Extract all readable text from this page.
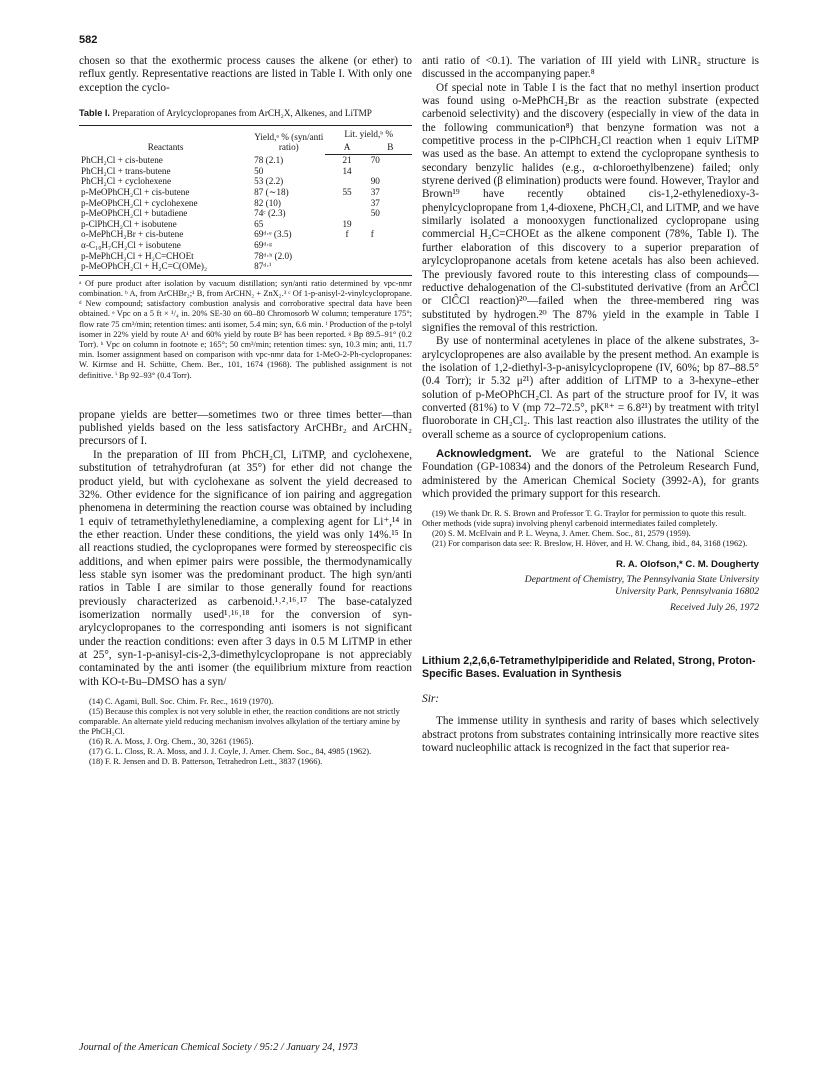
582

chosen so that the exothermic process causes the alkene (or ether) to reflux gently. Representative reactions are listed in Table I. With only one exception the cyclo-

Table I. Preparation of Arylcyclopropanes from ArCH₂X, Alkenes, and LiTMP
Reactants	Yield,ᵃ % (syn/anti ratio)	Lit. yield,ᵇ %	
		A	B
PhCH₂Cl + cis-butene	78 (2.1)	21	70
PhCH₂Cl + trans-butene	50	14	
PhCH₂Cl + cyclohexene	53 (2.2)		90
p-MeOPhCH₂Cl + cis-butene	87 (∼18)	55	37
p-MeOPhCH₂Cl + cyclohexene	82 (10)		37
p-MeOPhCH₂Cl + butadiene	74ᶜ (2.3)		50
p-ClPhCH₂Cl + isobutene	65	19	
o-MePhCH₂Br + cis-butene	69ᵈ·ᵉ (3.5)	f	f
α-C₁₀H₇CH₂Cl + isobutene	69ᵈ·ᵍ		
p-MePhCH₂Cl + H₂C=CHOEt	78ᵈ·ʰ (2.0)		
p-MeOPhCH₂Cl + H₂C=C(OMe)₂	87ᵈ·ⁱ		

ᵃ Of pure product after isolation by vacuum distillation; syn/anti ratio determined by vpc-nmr combination. ᵇ A, from ArCHBr₂;¹ B, from ArCHN₂ + ZnX₂.³ ᶜ Of 1-p-anisyl-2-vinylcyclopropane. ᵈ New compound; satisfactory combustion analysis and corroborative spectral data have been obtained. ᵉ Vpc on a 5 ft × ¹/₄ in. 20% SE-30 on 60–80 Chromosorb W column; temperature 175°; flow rate 75 cm³/min; retention times: anti isomer, 5.4 min; syn, 6.6 min. ᶠ Production of the p-tolyl isomer in 22% yield by route A¹ and 60% yield by route B² has been reported. ᵍ Bp 89.5–91° (0.2 Torr). ʰ Vpc on column in footnote e; 165°; 50 cm³/min; retention times: syn, 10.3 min; anti, 11.7 min. Isomer assignment based on comparison with vpc-nmr data for 1-MeO-2-Ph-cyclopropanes: W. Kirmse and H. Schütte, Chem. Ber., 101, 1674 (1968). The published assignment is not definitive. ⁱ Bp 92–93° (0.4 Torr).

propane yields are better—sometimes two or three times better—than published yields based on the less satisfactory ArCHBr₂ and ArCHN₂ precursors of I.

In the preparation of III from PhCH₂Cl, LiTMP, and cyclohexene, substitution of tetrahydrofuran (at 35°) for ether did not change the product yield, but with cyclohexane as solvent the yield decreased to 32%. Other evidence for the significance of ion pairing and aggregation phenomena in determining the reaction course was obtained by including 1 equiv of tetramethylethylenediamine, a complexing agent for Li⁺,¹⁴ in the ether reaction. Under these conditions, the yield was only 14%.¹⁵ In all reactions studied, the cyclopropanes were formed by stereospecific cis additions, and when epimer pairs were possible, the thermodynamically less stable syn isomer was the predominant product. The high syn/anti ratios in Table I are similar to those generally found for reactions previously characterized as carbenoid.¹˒²˒¹⁶˒¹⁷ The base-catalyzed isomerization normally used¹˒¹⁶˒¹⁸ for the conversion of syn-arylcyclopropanes to the corresponding anti isomers is not significant under the reaction conditions: even after 3 days in 0.5 M LiTMP in ether at 25°, syn-1-p-anisyl-cis-2,3-dimethylcyclopropane is not appreciably contaminated by the anti isomer (the equilibrium mixture from reaction with KO-t-Bu–DMSO has a syn/

(14) C. Agami, Bull. Soc. Chim. Fr. Rec., 1619 (1970).

(15) Because this complex is not very soluble in ether, the reaction conditions are not strictly comparable. An alternate yield reducing mechanism involves alkylation of the tertiary amine by the PhCH₂Cl.

(16) R. A. Moss, J. Org. Chem., 30, 3261 (1965).

(17) G. L. Closs, R. A. Moss, and J. J. Coyle, J. Amer. Chem. Soc., 84, 4985 (1962).

(18) F. R. Jensen and D. B. Patterson, Tetrahedron Lett., 3837 (1966).

anti ratio of <0.1). The variation of III yield with LiNR₂ structure is discussed in the accompanying paper.⁸

Of special note in Table I is the fact that no methyl insertion product was found using o-MePhCH₂Br as the reaction substrate (expected carbenoid selectivity) and the discovery (especially in view of the data in the following communication⁸) that benzyne formation was not a competitive process in the p-ClPhCH₂Cl reaction when 1 equiv LiTMP was used as the base. An attempt to extend the cyclopropane synthesis to secondary benzylic halides (e.g., α-chloroethylbenzene) failed; only styrene derived (β elimination) products were found. However, Traylor and Brown¹⁹ have recently obtained cis-1,2-ethylenedioxy-3-phenylcyclopropane from 1,4-dioxene, PhCH₂Cl, and LiTMP, and we have similarly isolated a monooxygen functionalized cyclopropane using commercial H₂C=CHOEt as the alkene component (78%, Table I). The further elaboration of this discovery to a superior preparation of arylcyclopropanone acetals from ketene acetals has also been achieved. The previously favored route to this interesting class of compounds—reductive dehalogenation of the Cl-substituted derivative (from an ArĈCl or ClĈCl reaction)²⁰—failed when the three-membered ring was substituted by hydrogen.²⁰ The 87% yield in the example in Table I signifies the removal of this restriction.

By use of nonterminal acetylenes in place of the alkene substrates, 3-arylcyclopropenes are also available by the present method. An example is the isolation of 1,2-diethyl-3-p-anisylcyclopropene (IV, 60%; bp 87–88.5° (0.4 Torr); ir 5.32 μ²¹) after addition of LiTMP to a 3-hexyne–ether solution of p-MeOPhCH₂Cl. As part of the structure proof for IV, it was converted (81%) to V (mp 72–72.5°, pKᴿ⁺ = 6.8²¹) by treatment with trityl fluoroborate in CH₂Cl₂. This last reaction also illustrates the utility of the overall scheme as a source of cyclopropenium cations.

Acknowledgment. We are grateful to the National Science Foundation (GP-10834) and the donors of the Petroleum Research Fund, administered by the American Chemical Society (3992-A), for grants which provided the primary support for this research.

(19) We thank Dr. R. S. Brown and Professor T. G. Traylor for permission to quote this result. Other methods (vide supra) involving phenyl carbenoid intermediates failed completely.

(20) S. M. McElvain and P. L. Weyna, J. Amer. Chem. Soc., 81, 2579 (1959).

(21) For comparison data see: R. Breslow, H. Höver, and H. W. Chang, ibid., 84, 3168 (1962).

R. A. Olofson,* C. M. Dougherty

Department of Chemistry, The Pennsylvania State University

University Park, Pennsylvania 16802

Received July 26, 1972

Lithium 2,2,6,6-Tetramethylpiperidide and Related, Strong, Proton-Specific Bases. Evaluation in Synthesis

Sir:

The immense utility in synthesis and rarity of bases which selectively abstract protons from substrates containing intrinsically more reactive sites toward nucleophilic attack is recognized in the fact that superior rea-

Journal of the American Chemical Society / 95:2 / January 24, 1973
